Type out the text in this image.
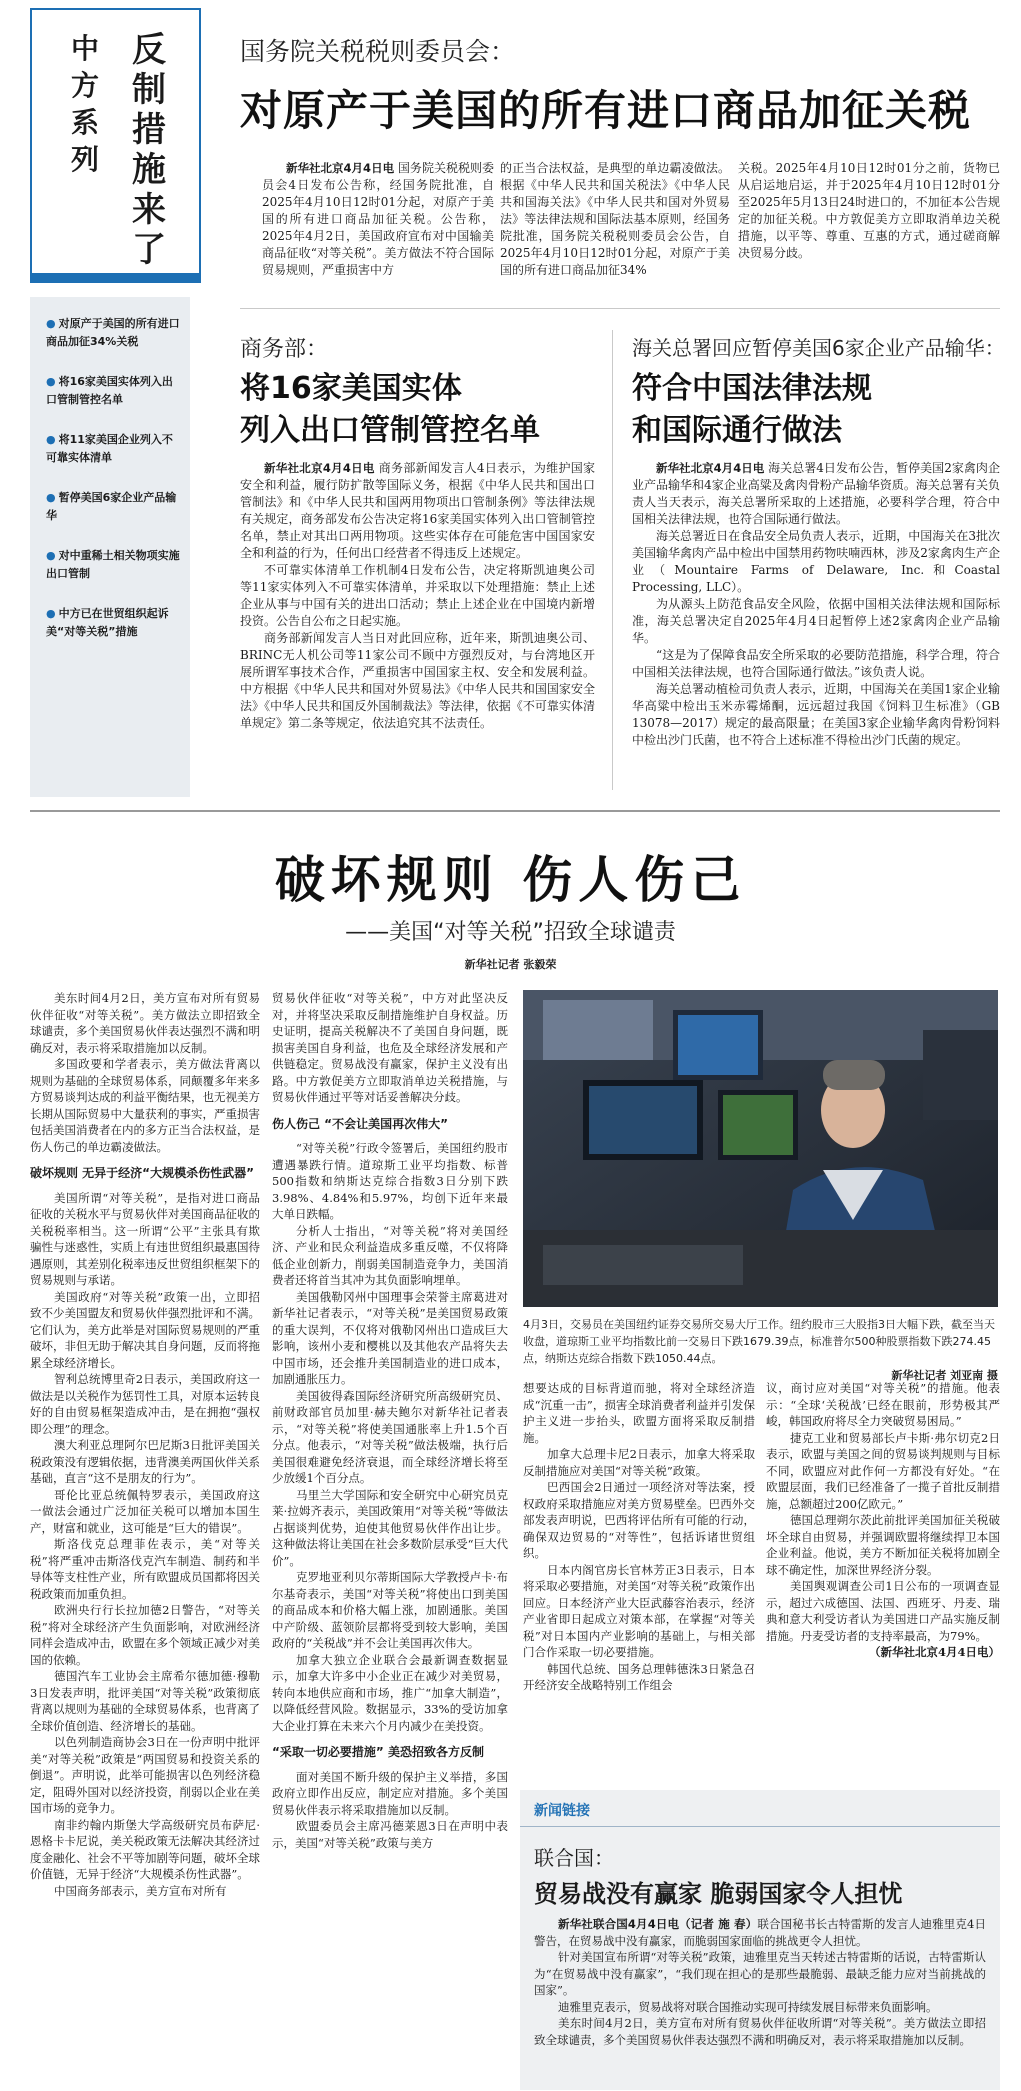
反制措施来了
中方系列
● 对原产于美国的所有进口商品加征34%关税
● 将16家美国实体列入出口管制管控名单
● 将11家美国企业列入不可靠实体清单
● 暂停美国6家企业产品输华
● 对中重稀土相关物项实施出口管制
● 中方已在世贸组织起诉美“对等关税”措施
国务院关税税则委员会：
对原产于美国的所有进口商品加征关税

新华社北京4月4日电 国务院关税税则委员会4日发布公告称，经国务院批准，自2025年4月10日12时01分起，对原产于美国的所有进口商品加征关税。公告称，2025年4月2日，美国政府宣布对中国输美商品征收“对等关税”。美方做法不符合国际贸易规则，严重损害中方

的正当合法权益，是典型的单边霸凌做法。根据《中华人民共和国关税法》《中华人民共和国海关法》《中华人民共和国对外贸易法》等法律法规和国际法基本原则，经国务院批准，国务院关税税则委员会公告，自2025年4月10日12时01分起，对原产于美国的所有进口商品加征34%

关税。2025年4月10日12时01分之前，货物已从启运地启运，并于2025年4月10日12时01分至2025年5月13日24时进口的，不加征本公告规定的加征关税。中方敦促美方立即取消单边关税措施，以平等、尊重、互惠的方式，通过磋商解决贸易分歧。

商务部：
将16家美国实体
列入出口管制管控名单

新华社北京4月4日电 商务部新闻发言人4日表示，为维护国家安全和利益，履行防扩散等国际义务，根据《中华人民共和国出口管制法》和《中华人民共和国两用物项出口管制条例》等法律法规有关规定，商务部发布公告决定将16家美国实体列入出口管制管控名单，禁止对其出口两用物项。这些实体存在可能危害中国国家安全和利益的行为，任何出口经营者不得违反上述规定。

不可靠实体清单工作机制4日发布公告，决定将斯凯迪奥公司等11家实体列入不可靠实体清单，并采取以下处理措施：禁止上述企业从事与中国有关的进出口活动；禁止上述企业在中国境内新增投资。公告自公布之日起实施。

商务部新闻发言人当日对此回应称，近年来，斯凯迪奥公司、BRINC无人机公司等11家公司不顾中方强烈反对，与台湾地区开展所谓军事技术合作，严重损害中国国家主权、安全和发展利益。中方根据《中华人民共和国对外贸易法》《中华人民共和国国家安全法》《中华人民共和国反外国制裁法》等法律，依据《不可靠实体清单规定》第二条等规定，依法追究其不法责任。

海关总署回应暂停美国6家企业产品输华：
符合中国法律法规
和国际通行做法

新华社北京4月4日电 海关总署4日发布公告，暂停美国2家禽肉企业产品输华和4家企业高粱及禽肉骨粉产品输华资质。海关总署有关负责人当天表示，海关总署所采取的上述措施，必要科学合理，符合中国相关法律法规，也符合国际通行做法。

海关总署近日在食品安全局负责人表示，近期，中国海关在3批次美国输华禽肉产品中检出中国禁用药物呋喃西林，涉及2家禽肉生产企业（Mountaire Farms of Delaware, Inc.和Coastal Processing, LLC）。

为从源头上防范食品安全风险，依据中国相关法律法规和国际标准，海关总署决定自2025年4月4日起暂停上述2家禽肉企业产品输华。

“这是为了保障食品安全所采取的必要防范措施，科学合理，符合中国相关法律法规，也符合国际通行做法。”该负责人说。

海关总署动植检司负责人表示，近期，中国海关在美国1家企业输华高粱中检出玉米赤霉烯酮，远远超过我国《饲料卫生标准》（GB 13078—2017）规定的最高限量；在美国3家企业输华禽肉骨粉饲料中检出沙门氏菌，也不符合上述标准不得检出沙门氏菌的规定。

破坏规则 伤人伤己
——美国“对等关税”招致全球谴责
新华社记者 张毅荣

美东时间4月2日，美方宣布对所有贸易伙伴征收“对等关税”。美方做法立即招致全球谴责，多个美国贸易伙伴表达强烈不满和明确反对，表示将采取措施加以反制。

多国政要和学者表示，美方做法背离以规则为基础的全球贸易体系，同颠覆多年来多方贸易谈判达成的利益平衡结果，也无视美方长期从国际贸易中大量获利的事实，严重损害包括美国消费者在内的多方正当合法权益，是伤人伤己的单边霸凌做法。

破坏规则 无异于经济“大规模杀伤性武器”

美国所谓“对等关税”，是指对进口商品征收的关税水平与贸易伙伴对美国商品征收的关税税率相当。这一所谓“公平”主张具有欺骗性与迷惑性，实质上有违世贸组织最惠国待遇原则，其差别化税率违反世贸组织框架下的贸易规则与承诺。

美国政府“对等关税”政策一出，立即招致不少美国盟友和贸易伙伴强烈批评和不满。它们认为，美方此举是对国际贸易规则的严重破坏，非但无助于解决其自身问题，反而将拖累全球经济增长。

智利总统博里奇2日表示，美国政府这一做法是以关税作为惩罚性工具，对原本运转良好的自由贸易框架造成冲击，是在拥抱“强权即公理”的理念。

澳大利亚总理阿尔巴尼斯3日批评美国关税政策没有逻辑依据，违背澳美两国伙伴关系基础，直言“这不是朋友的行为”。

哥伦比亚总统佩特罗表示，美国政府这一做法会通过广泛加征关税可以增加本国生产，财富和就业，这可能是“巨大的错误”。

斯洛伐克总理菲佐表示，美“对等关税”将严重冲击斯洛伐克汽车制造、制药和半导体等支柱性产业，所有欧盟成员国都将因关税政策而加重负担。

欧洲央行行长拉加德2日警告，“对等关税”将对全球经济产生负面影响，对欧洲经济同样会造成冲击，欧盟在多个领域正减少对美国的依赖。

德国汽车工业协会主席希尔德加德·穆勒3日发表声明，批评美国“对等关税”政策彻底背离以规则为基础的全球贸易体系，也背离了全球价值创造、经济增长的基础。

以色列制造商协会3日在一份声明中批评美“对等关税”政策是“两国贸易和投资关系的倒退”。声明说，此举可能损害以色列经济稳定，阻碍外国对以经济投资，削弱以企业在美国市场的竞争力。

南非约翰内斯堡大学高级研究员布萨尼·恩格卡卡尼说，美关税政策无法解决其经济过度金融化、社会不平等加剧等问题，破坏全球价值链，无异于经济“大规模杀伤性武器”。

中国商务部表示，美方宣布对所有

贸易伙伴征收“对等关税”，中方对此坚决反对，并将坚决采取反制措施维护自身权益。历史证明，提高关税解决不了美国自身问题，既损害美国自身利益，也危及全球经济发展和产供链稳定。贸易战没有赢家，保护主义没有出路。中方敦促美方立即取消单边关税措施，与贸易伙伴通过平等对话妥善解决分歧。

伤人伤己 “不会让美国再次伟大”

“对等关税”行政令签署后，美国纽约股市遭遇暴跌行情。道琼斯工业平均指数、标普500指数和纳斯达克综合指数3日分别下跌3.98%、4.84%和5.97%，均创下近年来最大单日跌幅。

分析人士指出，“对等关税”将对美国经济、产业和民众利益造成多重反噬，不仅将降低企业创新力，削弱美国制造竞争力，美国消费者还将首当其冲为其负面影响埋单。

美国俄勒冈州中国理事会荣誉主席葛进对新华社记者表示，“对等关税”是美国贸易政策的重大误判，不仅将对俄勒冈州出口造成巨大影响，该州小麦和樱桃以及其他农产品将失去中国市场，还会推升美国制造业的进口成本，加剧通胀压力。

美国彼得森国际经济研究所高级研究员、前财政部官员加里·赫夫鲍尔对新华社记者表示，“对等关税”将使美国通胀率上升1.5个百分点。他表示，“对等关税”做法极端，执行后美国很难避免经济衰退，而全球经济增长将至少放缓1个百分点。

马里兰大学国际和安全研究中心研究员克莱·拉姆齐表示，美国政策用“对等关税”等做法占据谈判优势，迫使其他贸易伙伴作出让步。这种做法将让美国在社会多数阶层承受“巨大代价”。

克罗地亚利贝尔蒂斯国际大学教授卢卡·布尔基奇表示，美国“对等关税”将使出口到美国的商品成本和价格大幅上涨，加剧通胀。美国中产阶级、蓝领阶层都将受到较大影响，美国政府的“关税战”并不会让美国再次伟大。

加拿大独立企业联合会最新调查数据显示，加拿大许多中小企业正在减少对美贸易，转向本地供应商和市场，推广“加拿大制造”，以降低经营风险。数据显示，33%的受访加拿大企业打算在未来六个月内减少在美投资。

“采取一切必要措施” 美恐招致各方反制

面对美国不断升级的保护主义举措，多国政府立即作出反应，制定应对措施。多个美国贸易伙伴表示将采取措施加以反制。

欧盟委员会主席冯德莱恩3日在声明中表示，美国“对等关税”政策与美方

4月3日，交易员在美国纽约证券交易所交易大厅工作。纽约股市三大股指3日大幅下跌，截至当天收盘，道琼斯工业平均指数比前一交易日下跌1679.39点，标准普尔500种股票指数下跌274.45点，纳斯达克综合指数下跌1050.44点。
新华社记者 刘亚南 摄

想要达成的目标背道而驰，将对全球经济造成“沉重一击”，损害全球消费者利益并引发保护主义进一步抬头，欧盟方面将采取反制措施。

加拿大总理卡尼2日表示，加拿大将采取反制措施应对美国“对等关税”政策。

巴西国会2日通过一项经济对等法案，授权政府采取措施应对美方贸易壁垒。巴西外交部发表声明说，巴西将评估所有可能的行动，确保双边贸易的“对等性”，包括诉诸世贸组织。

日本内阁官房长官林芳正3日表示，日本将采取必要措施，对美国“对等关税”政策作出回应。日本经济产业大臣武藤容治表示，经济产业省即日起成立对策本部，在掌握“对等关税”对日本国内产业影响的基础上，与相关部门合作采取一切必要措施。

韩国代总统、国务总理韩德洙3日紧急召开经济安全战略特别工作组会

议，商讨应对美国“对等关税”的措施。他表示：“全球‘关税战’已经在眼前，形势极其严峻，韩国政府将尽全力突破贸易困局。”

捷克工业和贸易部长卢卡斯·弗尔切克2日表示，欧盟与美国之间的贸易谈判规则与目标不同，欧盟应对此作何一方都没有好处。“在欧盟层面，我们已经准备了一揽子首批反制措施，总额超过200亿欧元。”

德国总理朔尔茨此前批评美国加征关税破坏全球自由贸易，并强调欧盟将继续捍卫本国企业利益。他说，美方不断加征关税将加剧全球不确定性，加深世界经济分裂。

美国舆观调查公司1日公布的一项调查显示，超过六成德国、法国、西班牙、丹麦、瑞典和意大利受访者认为美国进口产品实施反制措施。丹麦受访者的支持率最高，为79%。

（新华社北京4月4日电）
新闻链接
联合国：
贸易战没有赢家 脆弱国家令人担忧

新华社联合国4月4日电（记者 施 春）联合国秘书长古特雷斯的发言人迪雅里克4日警告，在贸易战中没有赢家，而脆弱国家面临的挑战更令人担忧。

针对美国宣布所谓“对等关税”政策，迪雅里克当天转述古特雷斯的话说，古特雷斯认为“在贸易战中没有赢家”，“我们现在担心的是那些最脆弱、最缺乏能力应对当前挑战的国家”。

迪雅里克表示，贸易战将对联合国推动实现可持续发展目标带来负面影响。

美东时间4月2日，美方宣布对所有贸易伙伴征收所谓“对等关税”。美方做法立即招致全球谴责，多个美国贸易伙伴表达强烈不满和明确反对，表示将采取措施加以反制。
